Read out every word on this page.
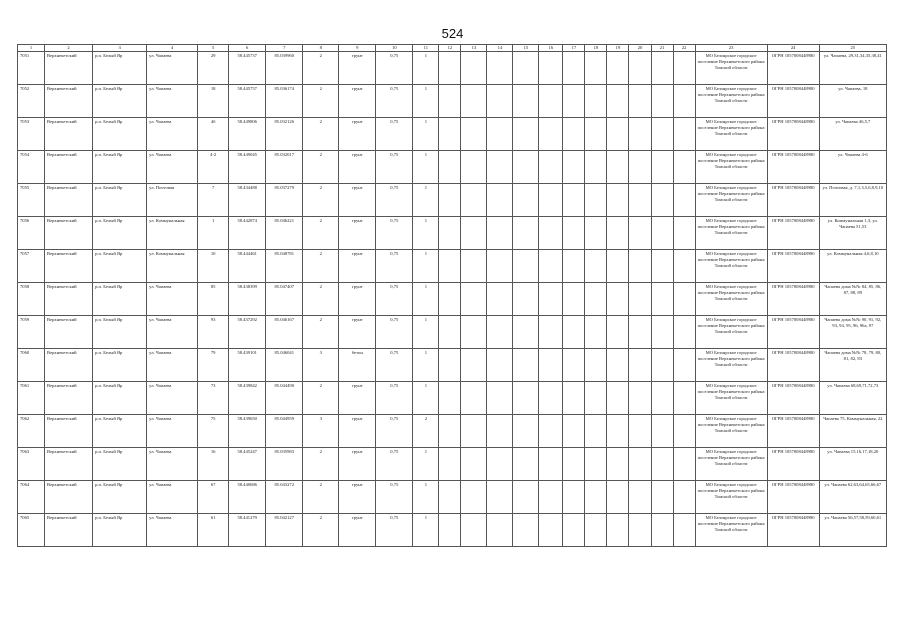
524
1	2	3	4	5	6	7	8	9	10	11	12	13	14	15	16	17	18	19	20	21	22	23	24	25
7051	Верхнекетский	р.п. Белый Яр	ул. Чапаева	29	58.445737	85.039960	2	грунт	0,75	1												МО Белоярское городское поселение Верхнекетского района Томской области	ОГРН 1057008448980	ул. Чапаева, 29,31,34,35,38,41
7052	Верхнекетский	р.п. Белый Яр	ул. Чапаева	18	58.445757	85.036174	2	грунт	0,75	1												МО Белоярское городское поселение Верхнекетского района Томской области	ОГРН 1057008448980	ул. Чапаева, 18
7053	Верхнекетский	р.п. Белый Яр	ул. Чапаева	4б	58.449806	85.032126	2	грунт	0,75	1												МО Белоярское городское поселение Верхнекетского района Томской области	ОГРН 1057008448980	ул. Чапаева 4б,5,7
7054	Верхнекетский	р.п. Белый Яр	ул. Чапаева	4-2	58.449045	85.032017	2	грунт	0,75	1												МО Белоярское городское поселение Верхнекетского района Томской области	ОГРН 1057008448980	ул. Чапаева 4-6
7055	Верхнекетский	р.п. Белый Яр	ул. Почтовая	7	58.434488	85.037279	2	грунт	0,75	1												МО Белоярское городское поселение Верхнекетского района Томской области	ОГРН 1057008448980	ул. Почтовая, д. 7,1,3,5,6,8,9,10
7056	Верхнекетский	р.п. Белый Яр	ул. Коммунальная	1	58.442874	85.046221	2	грунт	0,75	1												МО Белоярское городское поселение Верхнекетского района Томской области	ОГРН 1057008448980	ул. Коммунальная 1,3, ул. Чапаева 51,53
7057	Верхнекетский	р.п. Белый Яр	ул. Коммунальная	10	58.444461	85.048781	2	грунт	0,75	1												МО Белоярское городское поселение Верхнекетского района Томской области	ОГРН 1057008448980	ул. Коммунальная 4,6,8,10
7058	Верхнекетский	р.п. Белый Яр	ул. Чапаева	85	58.438399	85.047407	2	грунт	0,75	1												МО Белоярское городское поселение Верхнекетского района Томской области	ОГРН 1057008448980	Чапаева дома №№ 84, 85, 86, 87, 88, 89
7059	Верхнекетский	р.п. Белый Яр	ул. Чапаева	93	58.437292	85.046167	2	грунт	0,75	1												МО Белоярское городское поселение Верхнекетского района Томской области	ОГРН 1057008448980	Чапаева дома №№ 90, 91, 92, 93, 94, 95, 96, 96а, 97
7060	Верхнекетский	р.п. Белый Яр	ул. Чапаева	79	58.439101	85.046041	3	бетон	0,75	1												МО Белоярское городское поселение Верхнекетского района Томской области	ОГРН 1057008448980	Чапаева дома №№ 78, 79, 80, 81, 82, 83
7061	Верхнекетский	р.п. Белый Яр	ул. Чапаева	73	58.439842	85.044490	2	грунт	0,75	1												МО Белоярское городское поселение Верхнекетского района Томской области	ОГРН 1057008448980	ул. Чапаева 68,69,71,72,73
7062	Верхнекетский	р.п. Белый Яр	ул. Чапаева	75	58.439650	85.044959	3	грунт	0,75	2												МО Белоярское городское поселение Верхнекетского района Томской области	ОГРН 1057008448980	Чапаева 75, Коммунальная, 22
7063	Верхнекетский	р.п. Белый Яр	ул. Чапаева	16	58.445247	85.035983	2	грунт	0,75	1												МО Белоярское городское поселение Верхнекетского района Томской области	ОГРН 1057008448980	ул. Чапаева 15,16,17,18,20
7064	Верхнекетский	р.п. Белый Яр	ул. Чапаева	67	58.440686	85.043272	2	грунт	0,75	1												МО Белоярское городское поселение Верхнекетского района Томской области	ОГРН 1057008448980	ул. Чапаева 62,63,64,65,66,67
7065	Верхнекетский	р.п. Белый Яр	ул. Чапаева	61	58.441279	85.042127	2	грунт	0,75	1												МО Белоярское городское поселение Верхнекетского района Томской области	ОГРН 1057008448980	ул. Чапаева 56,57,58,59,60,61
